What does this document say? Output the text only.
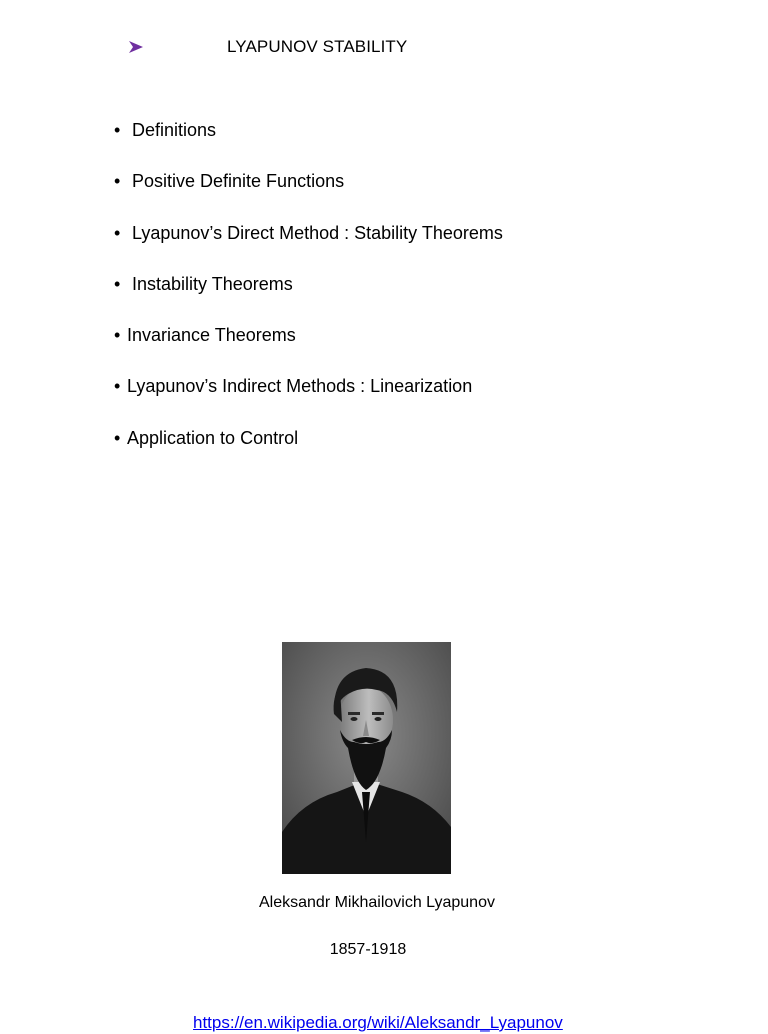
LYAPUNOV STABILITY
• Definitions
• Positive Definite Functions
• Lyapunov’s Direct Method : Stability Theorems
• Instability Theorems
• Invariance Theorems
• Lyapunov’s Indirect Methods : Linearization
• Application to Control
Aleksandr Mikhailovich Lyapunov
1857-1918
https://en.wikipedia.org/wiki/Aleksandr_Lyapunov
